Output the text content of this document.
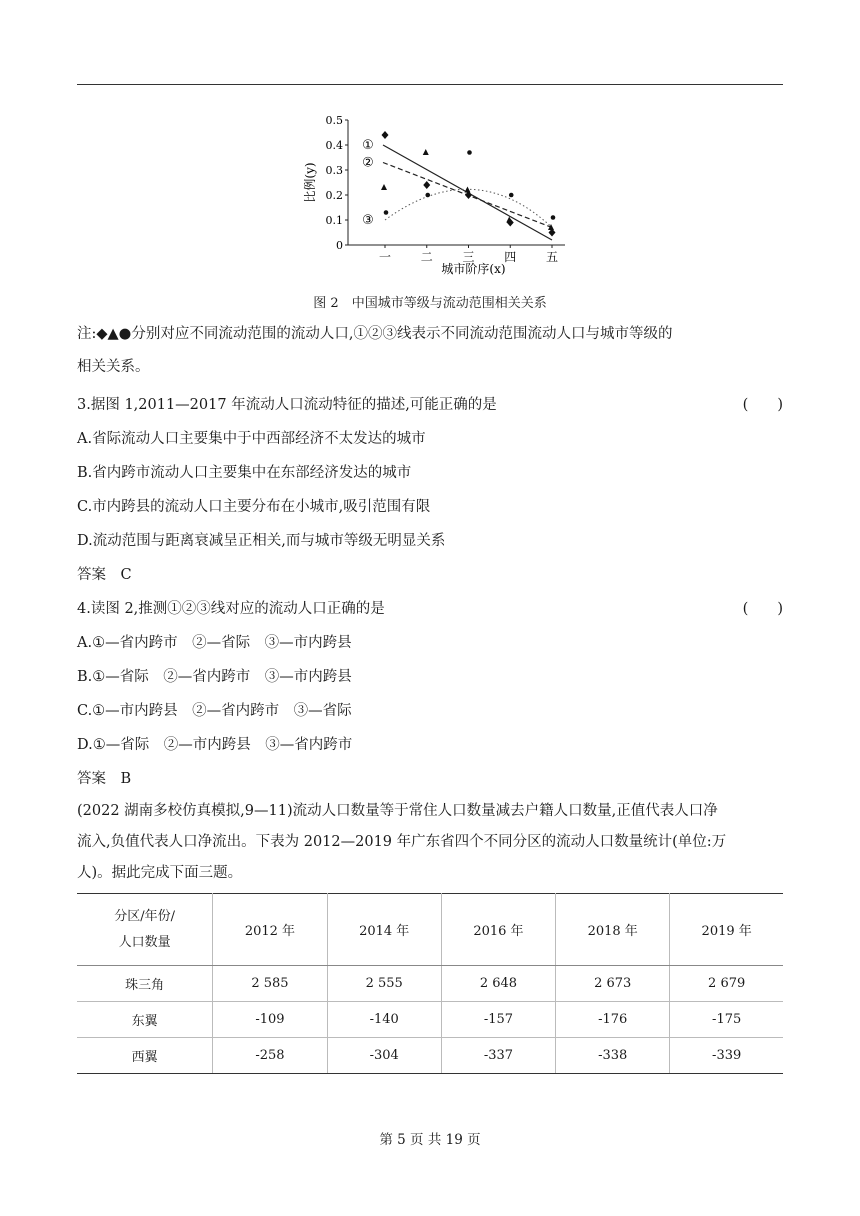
0
0.1
0.2
0.3
0.4
0.5
一 二 三 四 五
①
②
③
比例(y)
城市阶序(x)
图 2　中国城市等级与流动范围相关关系
注:◆▲●分别对应不同流动范围的流动人口,①②③线表示不同流动范围流动人口与城市等级的
相关关系。
3.据图 1,2011—2017 年流动人口流动特征的描述,可能正确的是	(　　)
A.省际流动人口主要集中于中西部经济不太发达的城市
B.省内跨市流动人口主要集中在东部经济发达的城市
C.市内跨县的流动人口主要分布在小城市,吸引范围有限
D.流动范围与距离衰减呈正相关,而与城市等级无明显关系
答案　C
4.读图 2,推测①②③线对应的流动人口正确的是	(　　)
A.①—省内跨市　②—省际　③—市内跨县
B.①—省际　②—省内跨市　③—市内跨县
C.①—市内跨县　②—省内跨市　③—省际
D.①—省际　②—市内跨县　③—省内跨市
答案　B
(2022 湖南多校仿真模拟,9—11)流动人口数量等于常住人口数量减去户籍人口数量,正值代表人口净
流入,负值代表人口净流出。下表为 2012—2019 年广东省四个不同分区的流动人口数量统计(单位:万
人)。据此完成下面三题。
分区/年份/
人口数量	2012 年	2014 年	2016 年	2018 年	2019 年
珠三角	2 585	2 555	2 648	2 673	2 679
东翼	-109	-140	-157	-176	-175
西翼	-258	-304	-337	-338	-339
第 5 页 共 19 页
